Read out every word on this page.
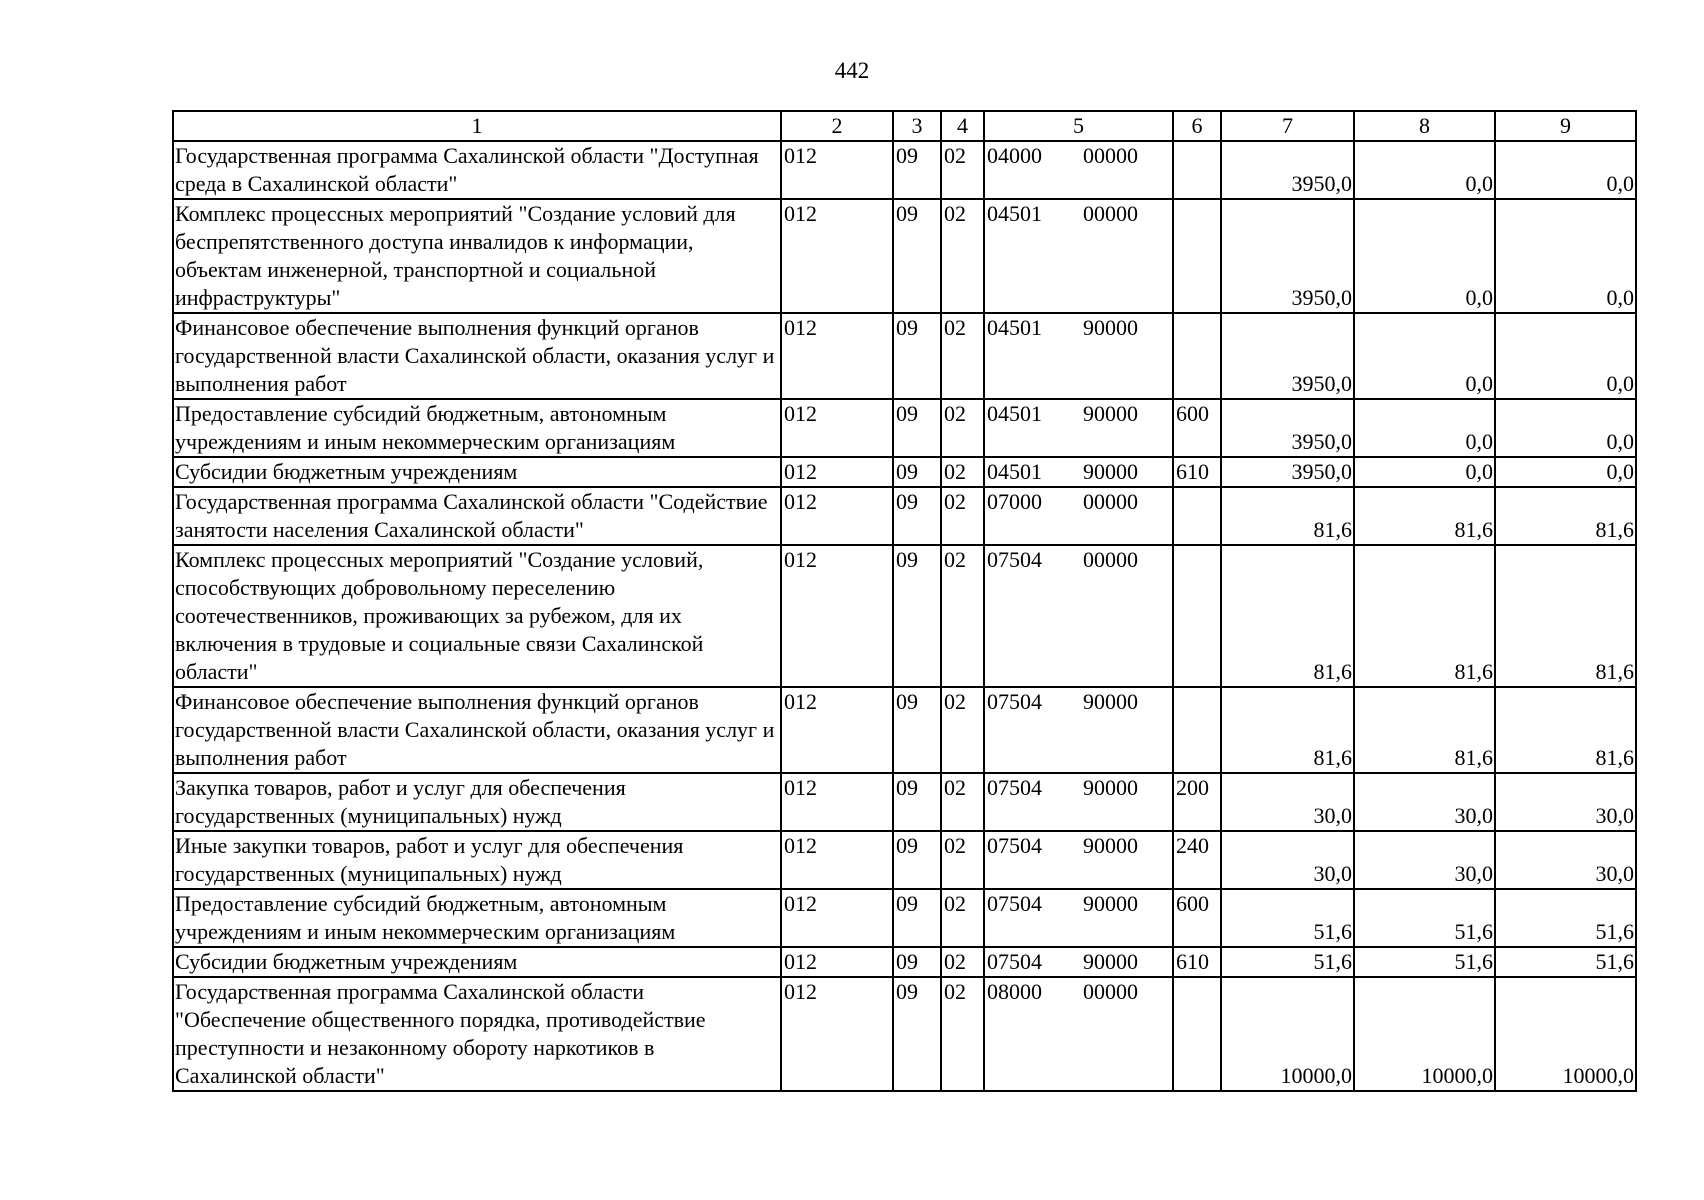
442
1	2	3	4	5	6	7	8	9
Государственная программа Сахалинской области "Доступная среда в Сахалинской области"	012	09	02	04000 00000		3950,0	0,0	0,0
Комплекс процессных мероприятий "Создание условий для беспрепятственного доступа инвалидов к информации, объектам инженерной, транспортной и социальной инфраструктуры"	012	09	02	04501 00000		3950,0	0,0	0,0
Финансовое обеспечение выполнения функций органов государственной власти Сахалинской области, оказания услуг и выполнения работ	012	09	02	04501 90000		3950,0	0,0	0,0
Предоставление субсидий бюджетным, автономным учреждениям и иным некоммерческим организациям	012	09	02	04501 90000	600	3950,0	0,0	0,0
Субсидии бюджетным учреждениям	012	09	02	04501 90000	610	3950,0	0,0	0,0
Государственная программа Сахалинской области "Содействие занятости населения Сахалинской области"	012	09	02	07000 00000		81,6	81,6	81,6
Комплекс процессных мероприятий "Создание условий, способствующих добровольному переселению соотечественников, проживающих за рубежом, для их включения в трудовые и социальные связи Сахалинской области"	012	09	02	07504 00000		81,6	81,6	81,6
Финансовое обеспечение выполнения функций органов государственной власти Сахалинской области, оказания услуг и выполнения работ	012	09	02	07504 90000		81,6	81,6	81,6
Закупка товаров, работ и услуг для обеспечения государственных (муниципальных) нужд	012	09	02	07504 90000	200	30,0	30,0	30,0
Иные закупки товаров, работ и услуг для обеспечения государственных (муниципальных) нужд	012	09	02	07504 90000	240	30,0	30,0	30,0
Предоставление субсидий бюджетным, автономным учреждениям и иным некоммерческим организациям	012	09	02	07504 90000	600	51,6	51,6	51,6
Субсидии бюджетным учреждениям	012	09	02	07504 90000	610	51,6	51,6	51,6
Государственная программа Сахалинской области "Обеспечение общественного порядка, противодействие преступности и незаконному обороту наркотиков в Сахалинской области"	012	09	02	08000 00000		10000,0	10000,0	10000,0
